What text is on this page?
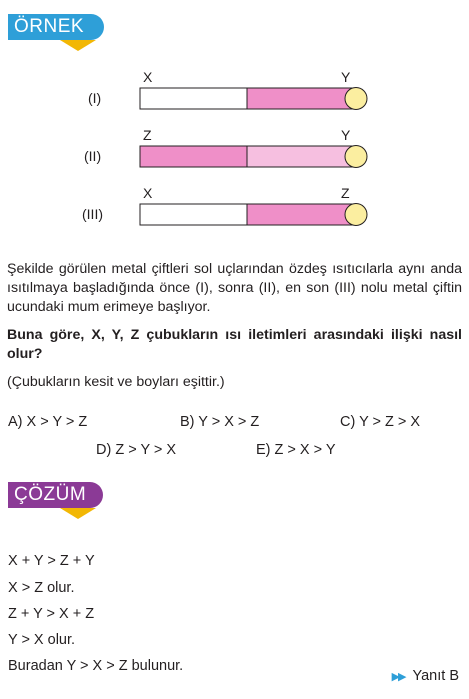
ÖRNEK
X	Y
(I)
Z	Y
(II)
X	Z
(III)
Şekilde görülen metal çiftleri sol uçlarından özdeş ısıtıcılarla aynı anda ısıtılmaya başladığında önce (I), sonra (II), en son (III) nolu metal çiftin ucundaki mum erimeye başlıyor.
Buna göre, X, Y, Z çubukların ısı iletimleri arasındaki ilişki nasıl olur?
(Çubukların kesit ve boyları eşittir.)
A) X > Y > Z	B) Y > X > Z	C) Y > Z > X
D) Z > Y > X	E) Z > X > Y
ÇÖZÜM
X + Y > Z + Y
X > Z olur.
Z + Y > X + Z
Y > X olur.
Buradan Y > X > Z bulunur.
▶▶ Yanıt B
